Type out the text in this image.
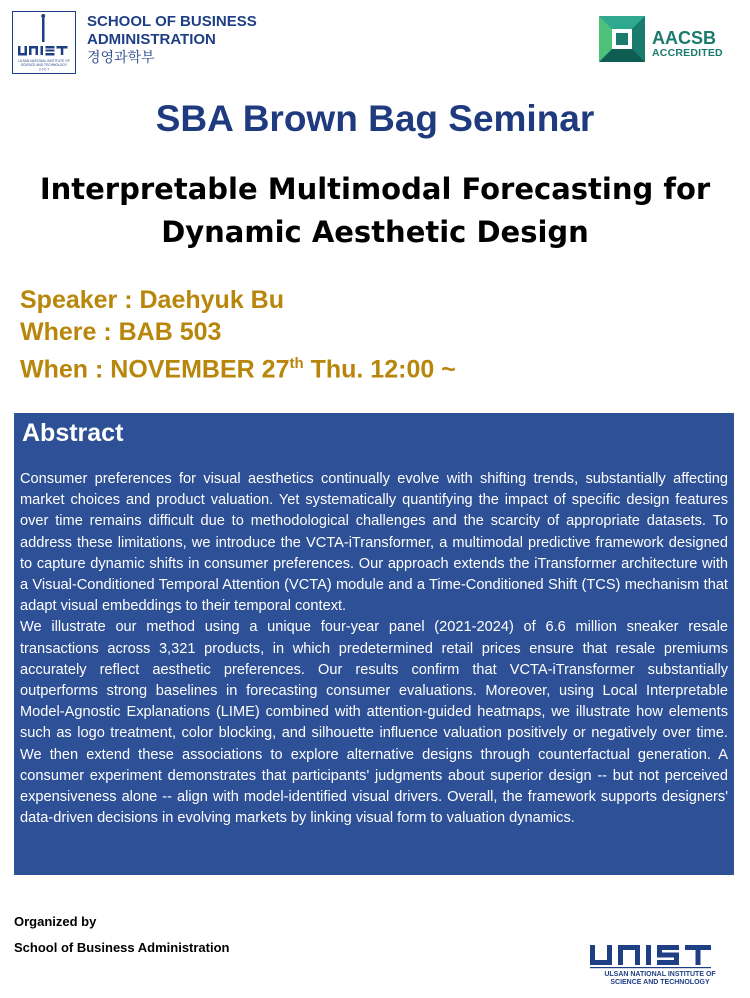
ULSAN NATIONAL INSTITUTE OF
SCIENCE AND TECHNOLOGY
2 0 0 7
SCHOOL OF BUSINESS
ADMINISTRATION
경영과학부
AACSB
ACCREDITED
SBA Brown Bag Seminar
Interpretable Multimodal Forecasting for
Dynamic Aesthetic Design
Speaker : Daehyuk Bu
Where : BAB 503
When : NOVEMBER 27th Thu. 12:00 ~
Abstract

Consumer preferences for visual aesthetics continually evolve with shifting trends, substantially affecting market choices and product valuation. Yet systematically quantifying the impact of specific design features over time remains difficult due to methodological challenges and the scarcity of appropriate datasets. To address these limitations, we introduce the VCTA-iTransformer, a multimodal predictive framework designed to capture dynamic shifts in consumer preferences. Our approach extends the iTransformer architecture with a Visual-Conditioned Temporal Attention (VCTA) module and a Time-Conditioned Shift (TCS) mechanism that adapt visual embeddings to their temporal context.

We illustrate our method using a unique four-year panel (2021-2024) of 6.6 million sneaker resale transactions across 3,321 products, in which predetermined retail prices ensure that resale premiums accurately reflect aesthetic preferences. Our results confirm that VCTA-iTransformer substantially outperforms strong baselines in forecasting consumer evaluations. Moreover, using Local Interpretable Model-Agnostic Explanations (LIME) combined with attention-guided heatmaps, we illustrate how elements such as logo treatment, color blocking, and silhouette influence valuation positively or negatively over time. We then extend these associations to explore alternative designs through counterfactual generation. A consumer experiment demonstrates that participants' judgments about superior design -- but not perceived expensiveness alone -- align with model-identified visual drivers. Overall, the framework supports designers' data-driven decisions in evolving markets by linking visual form to valuation dynamics.

Organized by
School of Business Administration
ULSAN NATIONAL INSTITUTE OF
SCIENCE AND TECHNOLOGY
